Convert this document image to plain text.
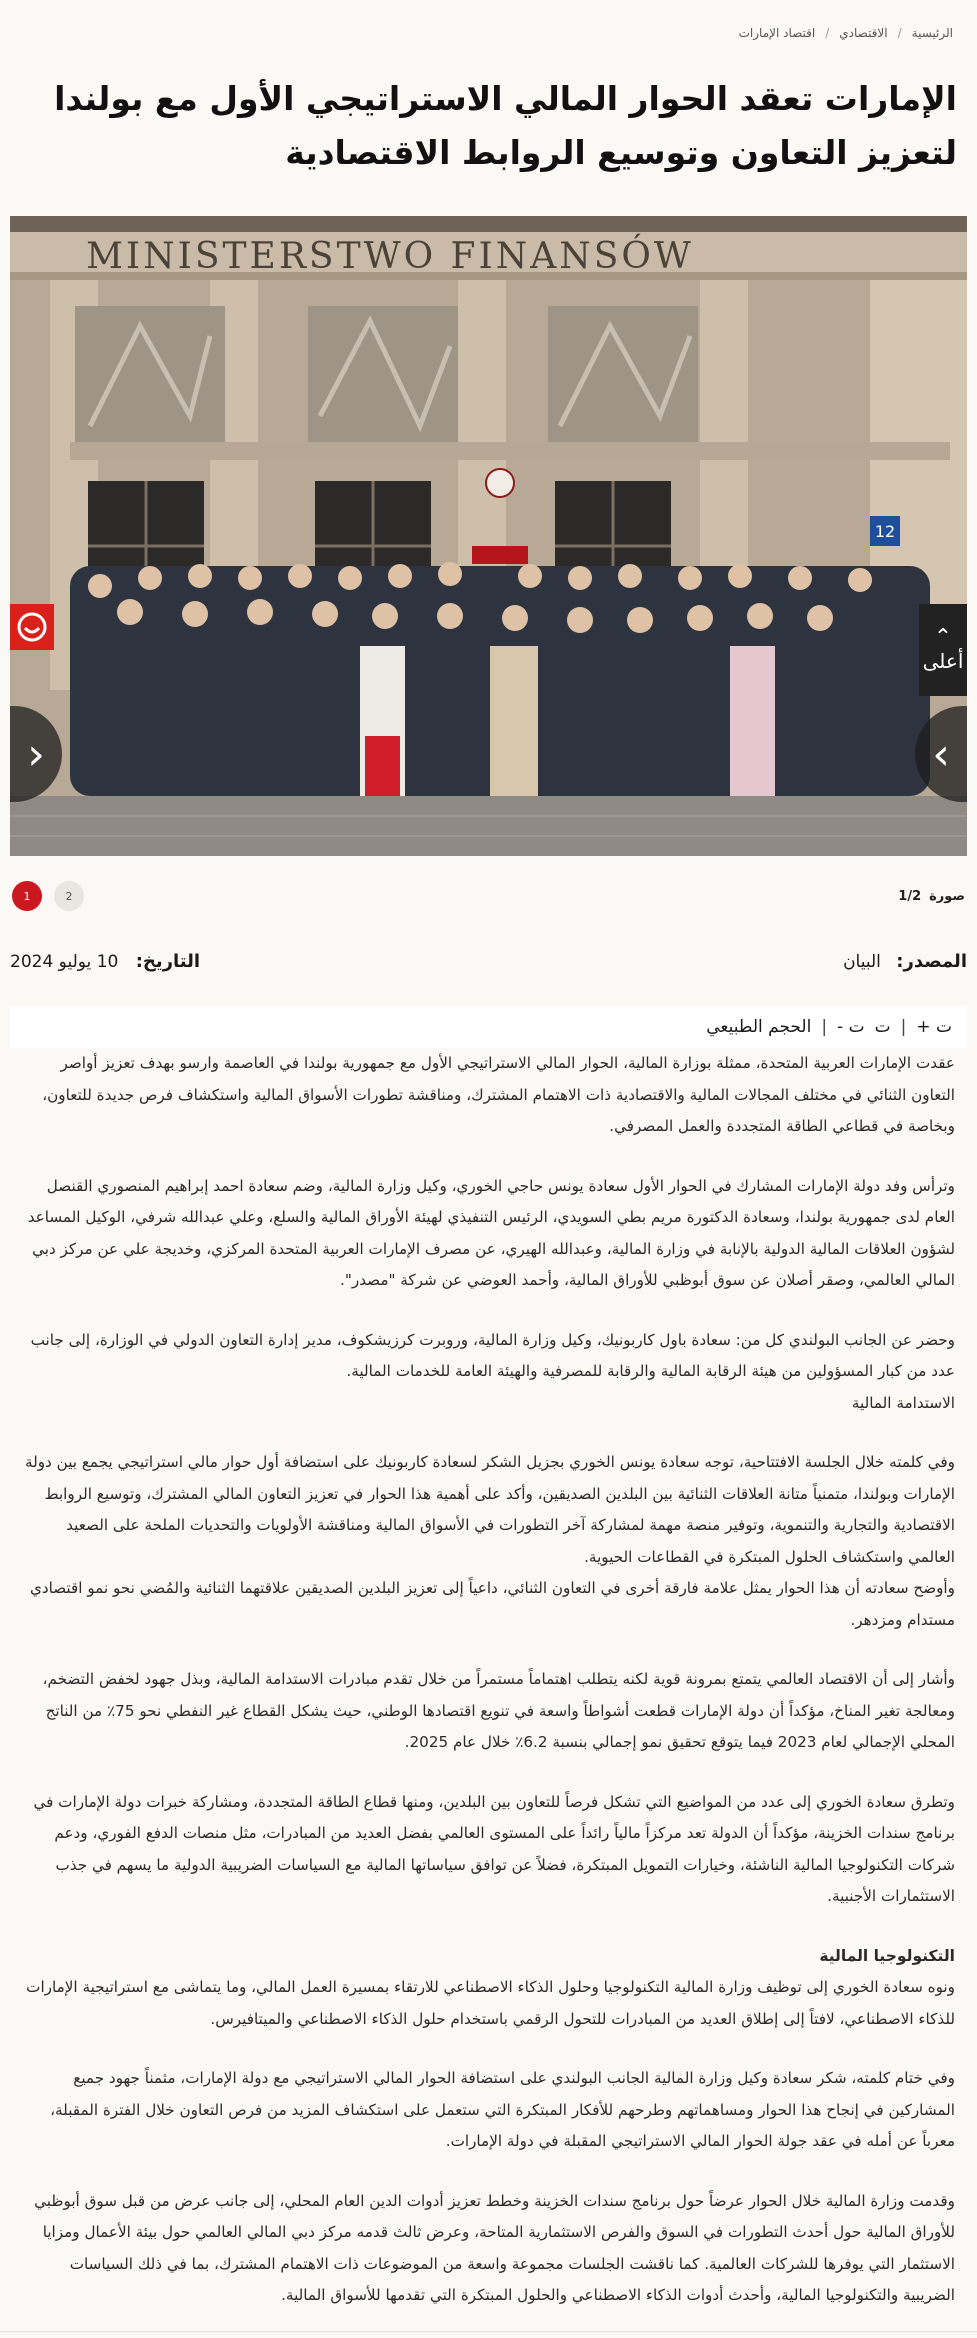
الرئيسية
/
الاقتصادي
/
اقتصاد الإمارات
الإمارات تعقد الحوار المالي الاستراتيجي الأول مع بولندا لتعزيز التعاون وتوسيع الروابط الاقتصادية
12
MINISTERSTWO FINANSÓW
⌃
أعلى
‹	›
صورة
1/2
1	2
المصدر: البيان
التاريخ: 10 يوليو 2024
ت +
|
ت
ت -
|
الحجم الطبيعي

عقدت الإمارات العربية المتحدة، ممثلة بوزارة المالية، الحوار المالي الاستراتيجي الأول مع جمهورية بولندا في العاصمة وارسو بهدف تعزيز أواصر التعاون الثنائي في مختلف المجالات المالية والاقتصادية ذات الاهتمام المشترك، ومناقشة تطورات الأسواق المالية واستكشاف فرص جديدة للتعاون، وبخاصة في قطاعي الطاقة المتجددة والعمل المصرفي.

وترأس وفد دولة الإمارات المشارك في الحوار الأول سعادة يونس حاجي الخوري، وكيل وزارة المالية، وضم سعادة احمد إبراهيم المنصوري القنصل العام لدى جمهورية بولندا، وسعادة الدكتورة مريم بطي السويدي، الرئيس التنفيذي لهيئة الأوراق المالية والسلع، وعلي عبدالله شرفي، الوكيل المساعد لشؤون العلاقات المالية الدولية بالإنابة في وزارة المالية، وعبدالله الهيري، عن مصرف الإمارات العربية المتحدة المركزي، وخديجة علي عن مركز دبي المالي العالمي، وصقر أصلان عن سوق أبوظبي للأوراق المالية، وأحمد العوضي عن شركة "مصدر".

وحضر عن الجانب البولندي كل من: سعادة باول كاربونيك، وكيل وزارة المالية، وروبرت كرزيشكوف، مدير إدارة التعاون الدولي في الوزارة، إلى جانب عدد من كبار المسؤولين من هيئة الرقابة المالية والرقابة للمصرفية والهيئة العامة للخدمات المالية.

الاستدامة المالية

وفي كلمته خلال الجلسة الافتتاحية، توجه سعادة يونس الخوري بجزيل الشكر لسعادة كاربونيك على استضافة أول حوار مالي استراتيجي يجمع بين دولة الإمارات وبولندا، متمنياً متانة العلاقات الثنائية بين البلدين الصديقين، وأكد على أهمية هذا الحوار في تعزيز التعاون المالي المشترك، وتوسيع الروابط الاقتصادية والتجارية والتنموية، وتوفير منصة مهمة لمشاركة آخر التطورات في الأسواق المالية ومناقشة الأولويات والتحديات الملحة على الصعيد العالمي واستكشاف الحلول المبتكرة في القطاعات الحيوية.

وأوضح سعادته أن هذا الحوار يمثل علامة فارقة أخرى في التعاون الثنائي، داعياً إلى تعزيز البلدين الصديقين علاقتهما الثنائية والمُضي نحو نمو اقتصادي مستدام ومزدهر.

وأشار إلى أن الاقتصاد العالمي يتمتع بمرونة قوية لكنه يتطلب اهتماماً مستمراً من خلال تقدم مبادرات الاستدامة المالية، وبذل جهود لخفض التضخم، ومعالجة تغير المناخ، مؤكداً أن دولة الإمارات قطعت أشواطاً واسعة في تنويع اقتصادها الوطني، حيث يشكل القطاع غير النفطي نحو 75٪ من الناتج المحلي الإجمالي لعام 2023 فيما يتوقع تحقيق نمو إجمالي بنسبة 6.2٪ خلال عام 2025.

وتطرق سعادة الخوري إلى عدد من المواضيع التي تشكل فرصاً للتعاون بين البلدين، ومنها قطاع الطاقة المتجددة، ومشاركة خبرات دولة الإمارات في برنامج سندات الخزينة، مؤكداً أن الدولة تعد مركزاً مالياً رائداً على المستوى العالمي بفضل العديد من المبادرات، مثل منصات الدفع الفوري، ودعم شركات التكنولوجيا المالية الناشئة، وخيارات التمويل المبتكرة، فضلاً عن توافق سياساتها المالية مع السياسات الضريبية الدولية ما يسهم في جذب الاستثمارات الأجنبية.

التكنولوجيا المالية

ونوه سعادة الخوري إلى توظيف وزارة المالية التكنولوجيا وحلول الذكاء الاصطناعي للارتقاء بمسيرة العمل المالي، وما يتماشى مع استراتيجية الإمارات للذكاء الاصطناعي، لافتاً إلى إطلاق العديد من المبادرات للتحول الرقمي باستخدام حلول الذكاء الاصطناعي والميتافيرس.

وفي ختام كلمته، شكر سعادة وكيل وزارة المالية الجانب البولندي على استضافة الحوار المالي الاستراتيجي مع دولة الإمارات، مثمناً جهود جميع المشاركين في إنجاح هذا الحوار ومساهماتهم وطرحهم للأفكار المبتكرة التي ستعمل على استكشاف المزيد من فرص التعاون خلال الفترة المقبلة، معرباً عن أمله في عقد جولة الحوار المالي الاستراتيجي المقبلة في دولة الإمارات.

وقدمت وزارة المالية خلال الحوار عرضاً حول برنامج سندات الخزينة وخطط تعزيز أدوات الدين العام المحلي، إلى جانب عرض من قبل سوق أبوظبي للأوراق المالية حول أحدث التطورات في السوق والفرص الاستثمارية المتاحة، وعرض ثالث قدمه مركز دبي المالي العالمي حول بيئة الأعمال ومزايا الاستثمار التي يوفرها للشركات العالمية. كما ناقشت الجلسات مجموعة واسعة من الموضوعات ذات الاهتمام المشترك، بما في ذلك السياسات الضريبية والتكنولوجيا المالية، وأحدث أدوات الذكاء الاصطناعي والحلول المبتكرة التي تقدمها للأسواق المالية.
